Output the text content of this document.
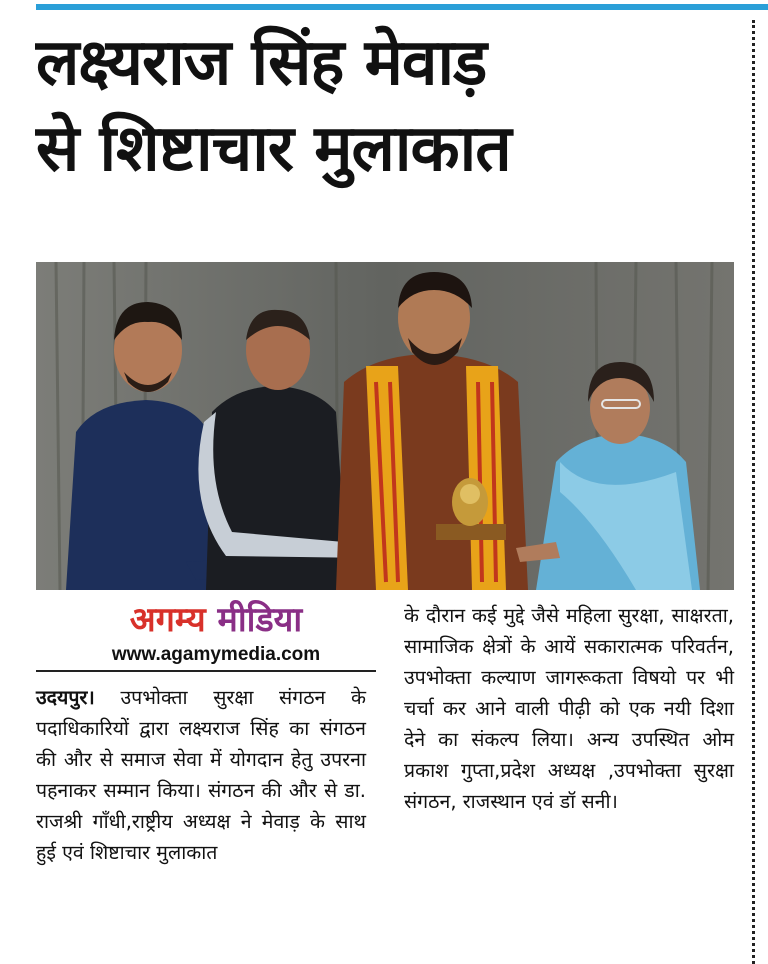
लक्ष्यराज सिंह मेवाड़
से शिष्टाचार मुलाकात
अगम्य मीडिया
www.agamymedia.com

उदयपुर। उपभोक्ता सुरक्षा संगठन के पदाधिकारियों द्वारा लक्ष्यराज सिंह का संगठन की और से समाज सेवा में योगदान हेतु उपरना पहनाकर सम्मान किया। संगठन की और से डा. राजश्री गाँधी,राष्ट्रीय अध्यक्ष ने मेवाड़ के साथ हुई एवं शिष्टाचार मुलाकात

के दौरान कई मुद्दे जैसे महिला सुरक्षा, साक्षरता, सामाजिक क्षेत्रों के आयें सकारात्मक परिवर्तन, उपभोक्ता कल्याण जागरूकता विषयो पर भी चर्चा कर आने वाली पीढ़ी को एक नयी दिशा देने का संकल्प लिया। अन्य उपस्थित ओम प्रकाश गुप्ता,प्रदेश अध्यक्ष ,उपभोक्ता सुरक्षा संगठन, राजस्थान एवं डॉ सनी।
